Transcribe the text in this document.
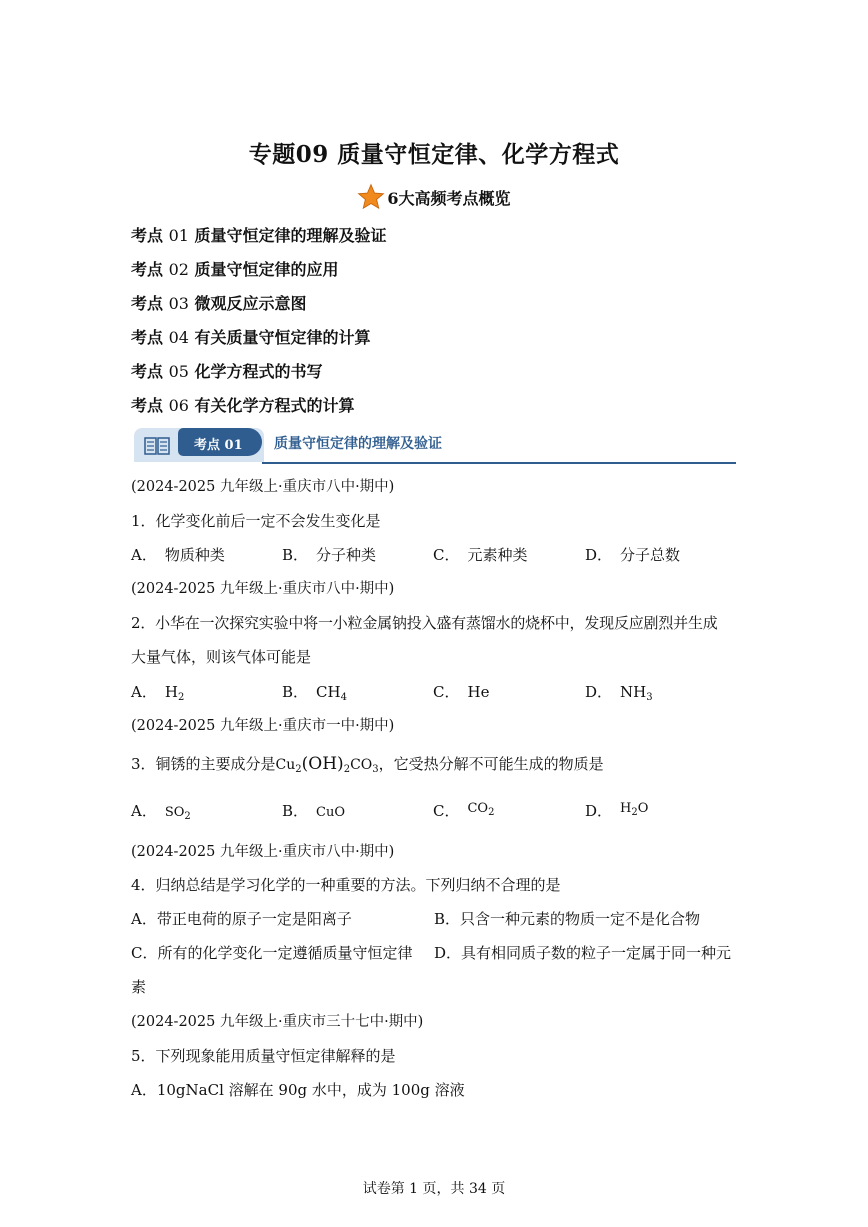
专题09 质量守恒定律、化学方程式
6大高频考点概览
考点 01 质量守恒定律的理解及验证
考点 02 质量守恒定律的应用
考点 03 微观反应示意图
考点 04 有关质量守恒定律的计算
考点 05 化学方程式的书写
考点 06 有关化学方程式的计算
考点 01 质量守恒定律的理解及验证
(2024-2025 九年级上·重庆市八中·期中)
1．化学变化前后一定不会发生变化是
A． 物质种类	B． 分子种类	C． 元素种类	D． 分子总数
(2024-2025 九年级上·重庆市八中·期中)
2．小华在一次探究实验中将一小粒金属钠投入盛有蒸馏水的烧杯中，发现反应剧烈并生成
大量气体，则该气体可能是
A． $H_2$	B． $CH_4$	C． He	D． $NH_3$
(2024-2025 九年级上·重庆市一中·期中)
3．铜锈的主要成分是$Cu_2(OH)_2CO_3$，它受热分解不可能生成的物质是
A． $SO_2$	B． CuO	C． $CO_2$	D． $H_2O$
(2024-2025 九年级上·重庆市八中·期中)
4．归纳总结是学习化学的一种重要的方法。下列归纳不合理的是
A．带正电荷的原子一定是阳离子	B．只含一种元素的物质一定不是化合物
C．所有的化学变化一定遵循质量守恒定律 D．具有相同质子数的粒子一定属于同一种元
素
(2024-2025 九年级上·重庆市三十七中·期中)
5．下列现象能用质量守恒定律解释的是
A．10gNaCl 溶解在 90g 水中，成为 100g 溶液
试卷第 1 页，共 34 页
